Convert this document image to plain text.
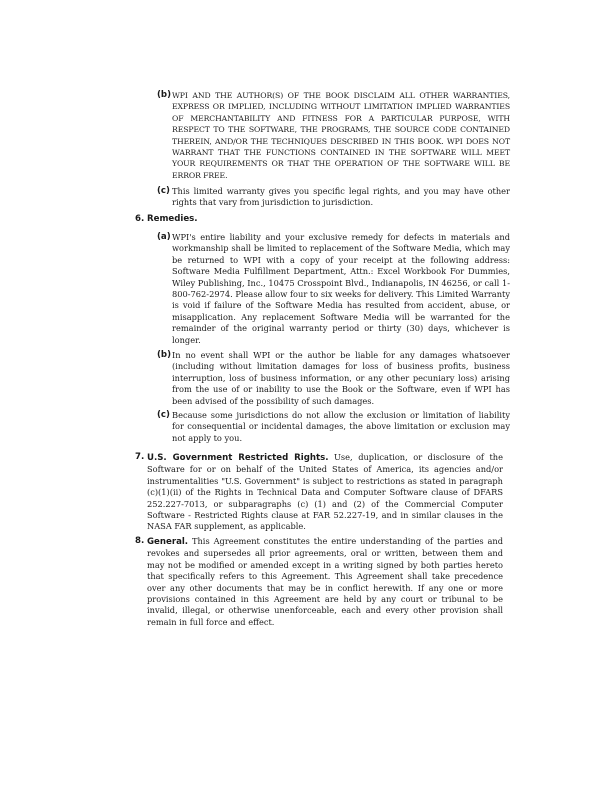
(b) WPI AND THE AUTHOR(S) OF THE BOOK DISCLAIM ALL OTHER WARRANTIES, EXPRESS OR IMPLIED, INCLUDING WITHOUT LIMITATION IMPLIED WARRANTIES OF MERCHANTABILITY AND FITNESS FOR A PARTICULAR PURPOSE, WITH RESPECT TO THE SOFTWARE, THE PROGRAMS, THE SOURCE CODE CONTAINED THEREIN, AND/OR THE TECHNIQUES DESCRIBED IN THIS BOOK. WPI DOES NOT WARRANT THAT THE FUNCTIONS CONTAINED IN THE SOFTWARE WILL MEET YOUR REQUIREMENTS OR THAT THE OPERATION OF THE SOFTWARE WILL BE ERROR FREE.
(c) This limited warranty gives you specific legal rights, and you may have other rights that vary from jurisdiction to jurisdiction.
6. Remedies.
(a) WPI's entire liability and your exclusive remedy for defects in materials and workmanship shall be limited to replacement of the Software Media, which may be returned to WPI with a copy of your receipt at the following address: Software Media Fulfillment Department, Attn.: Excel Workbook For Dummies, Wiley Publishing, Inc., 10475 Crosspoint Blvd., Indianapolis, IN 46256, or call 1-800-762-2974. Please allow four to six weeks for delivery. This Limited Warranty is void if failure of the Software Media has resulted from accident, abuse, or misapplication. Any replacement Software Media will be warranted for the remainder of the original warranty period or thirty (30) days, whichever is longer.
(b) In no event shall WPI or the author be liable for any damages whatsoever (including without limitation damages for loss of business profits, business interruption, loss of business information, or any other pecuniary loss) arising from the use of or inability to use the Book or the Software, even if WPI has been advised of the possibility of such damages.
(c) Because some jurisdictions do not allow the exclusion or limitation of liability for consequential or incidental damages, the above limitation or exclusion may not apply to you.
7. U.S. Government Restricted Rights. Use, duplication, or disclosure of the Software for or on behalf of the United States of America, its agencies and/or instrumentalities "U.S. Government" is subject to restrictions as stated in paragraph (c)(1)(ii) of the Rights in Technical Data and Computer Software clause of DFARS 252.227-7013, or subparagraphs (c) (1) and (2) of the Commercial Computer Software - Restricted Rights clause at FAR 52.227-19, and in similar clauses in the NASA FAR supplement, as applicable.
8. General. This Agreement constitutes the entire understanding of the parties and revokes and supersedes all prior agreements, oral or written, between them and may not be modified or amended except in a writing signed by both parties hereto that specifically refers to this Agreement. This Agreement shall take precedence over any other documents that may be in conflict herewith. If any one or more provisions contained in this Agreement are held by any court or tribunal to be invalid, illegal, or otherwise unenforceable, each and every other provision shall remain in full force and effect.
